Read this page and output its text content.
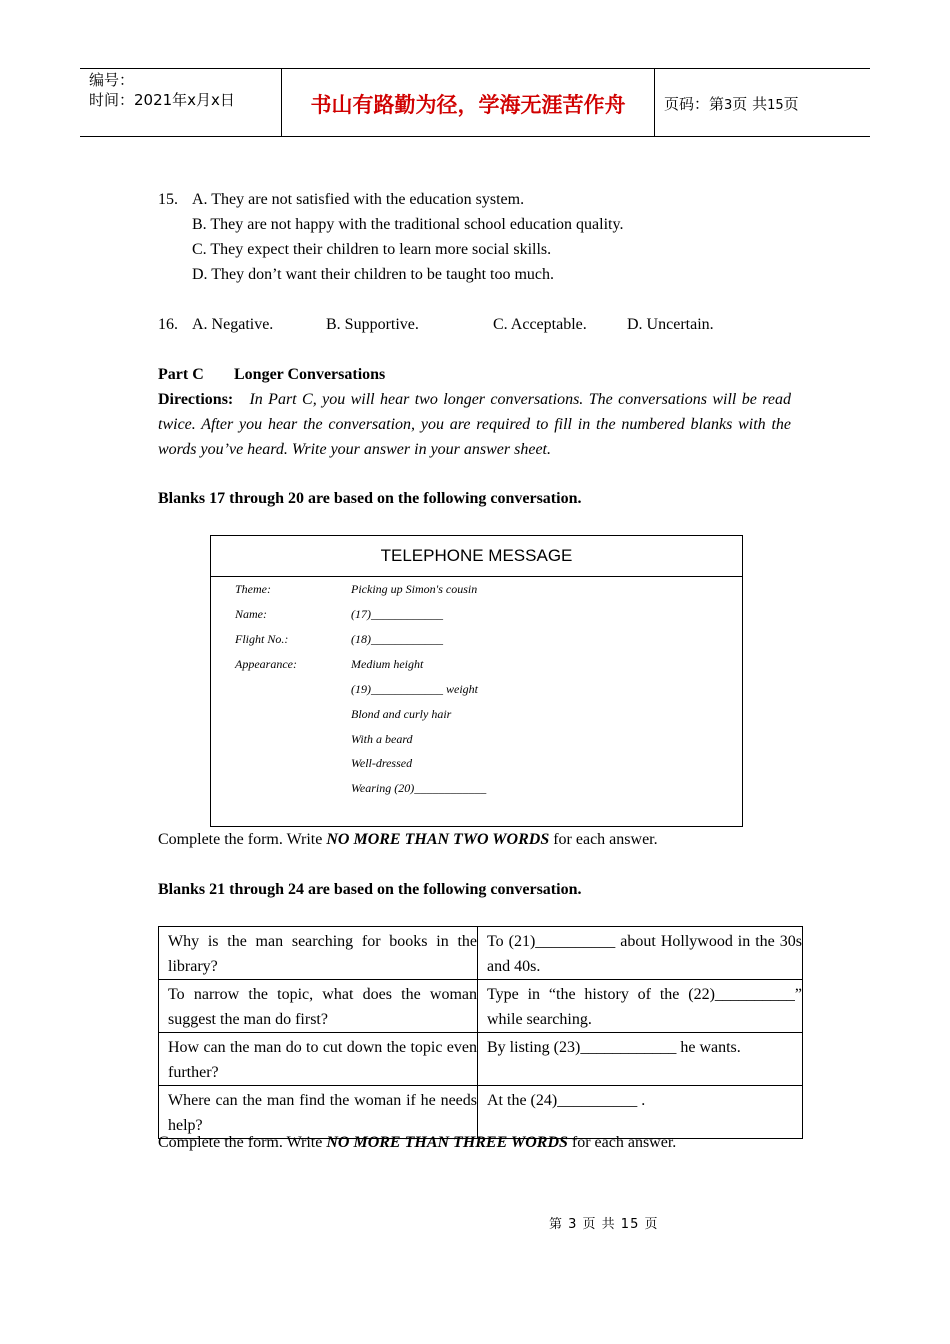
编号：
时间：2021年x月x日	书山有路勤为径，学海无涯苦作舟	页码：第3页 共15页
15. A. They are not satisfied with the education system.
B. They are not happy with the traditional school education quality.
C. They expect their children to learn more social skills.
D. They don’t want their children to be taught too much.
16. A. Negative.	B. Supportive.	C. Acceptable.	D. Uncertain.
Part C Longer Conversations
Directions: In Part C, you will hear two longer conversations. The conversations will be read twice. After you hear the conversation, you are required to fill in the numbered blanks with the words you’ve heard. Write your answer in your answer sheet.
Blanks 17 through 20 are based on the following conversation.
TELEPHONE MESSAGE
Theme:	Picking up Simon's cousin
Name:	(17)____________
Flight No.:	(18)____________
Appearance:	Medium height
(19)____________ weight
Blond and curly hair
With a beard
Well-dressed
Wearing (20)____________
Complete the form. Write NO MORE THAN TWO WORDS for each answer.
Blanks 21 through 24 are based on the following conversation.
Why is the man searching for books in the library?	To (21)__________ about Hollywood in the 30s and 40s.
To narrow the topic, what does the woman suggest the man do first?	Type in “the history of the (22)__________” while searching.
How can the man do to cut down the topic even further?	By listing (23)____________ he wants.
Where can the man find the woman if he needs help?	At the (24)__________ .
Complete the form. Write NO MORE THAN THREE WORDS for each answer.
第 3 页 共 15 页
